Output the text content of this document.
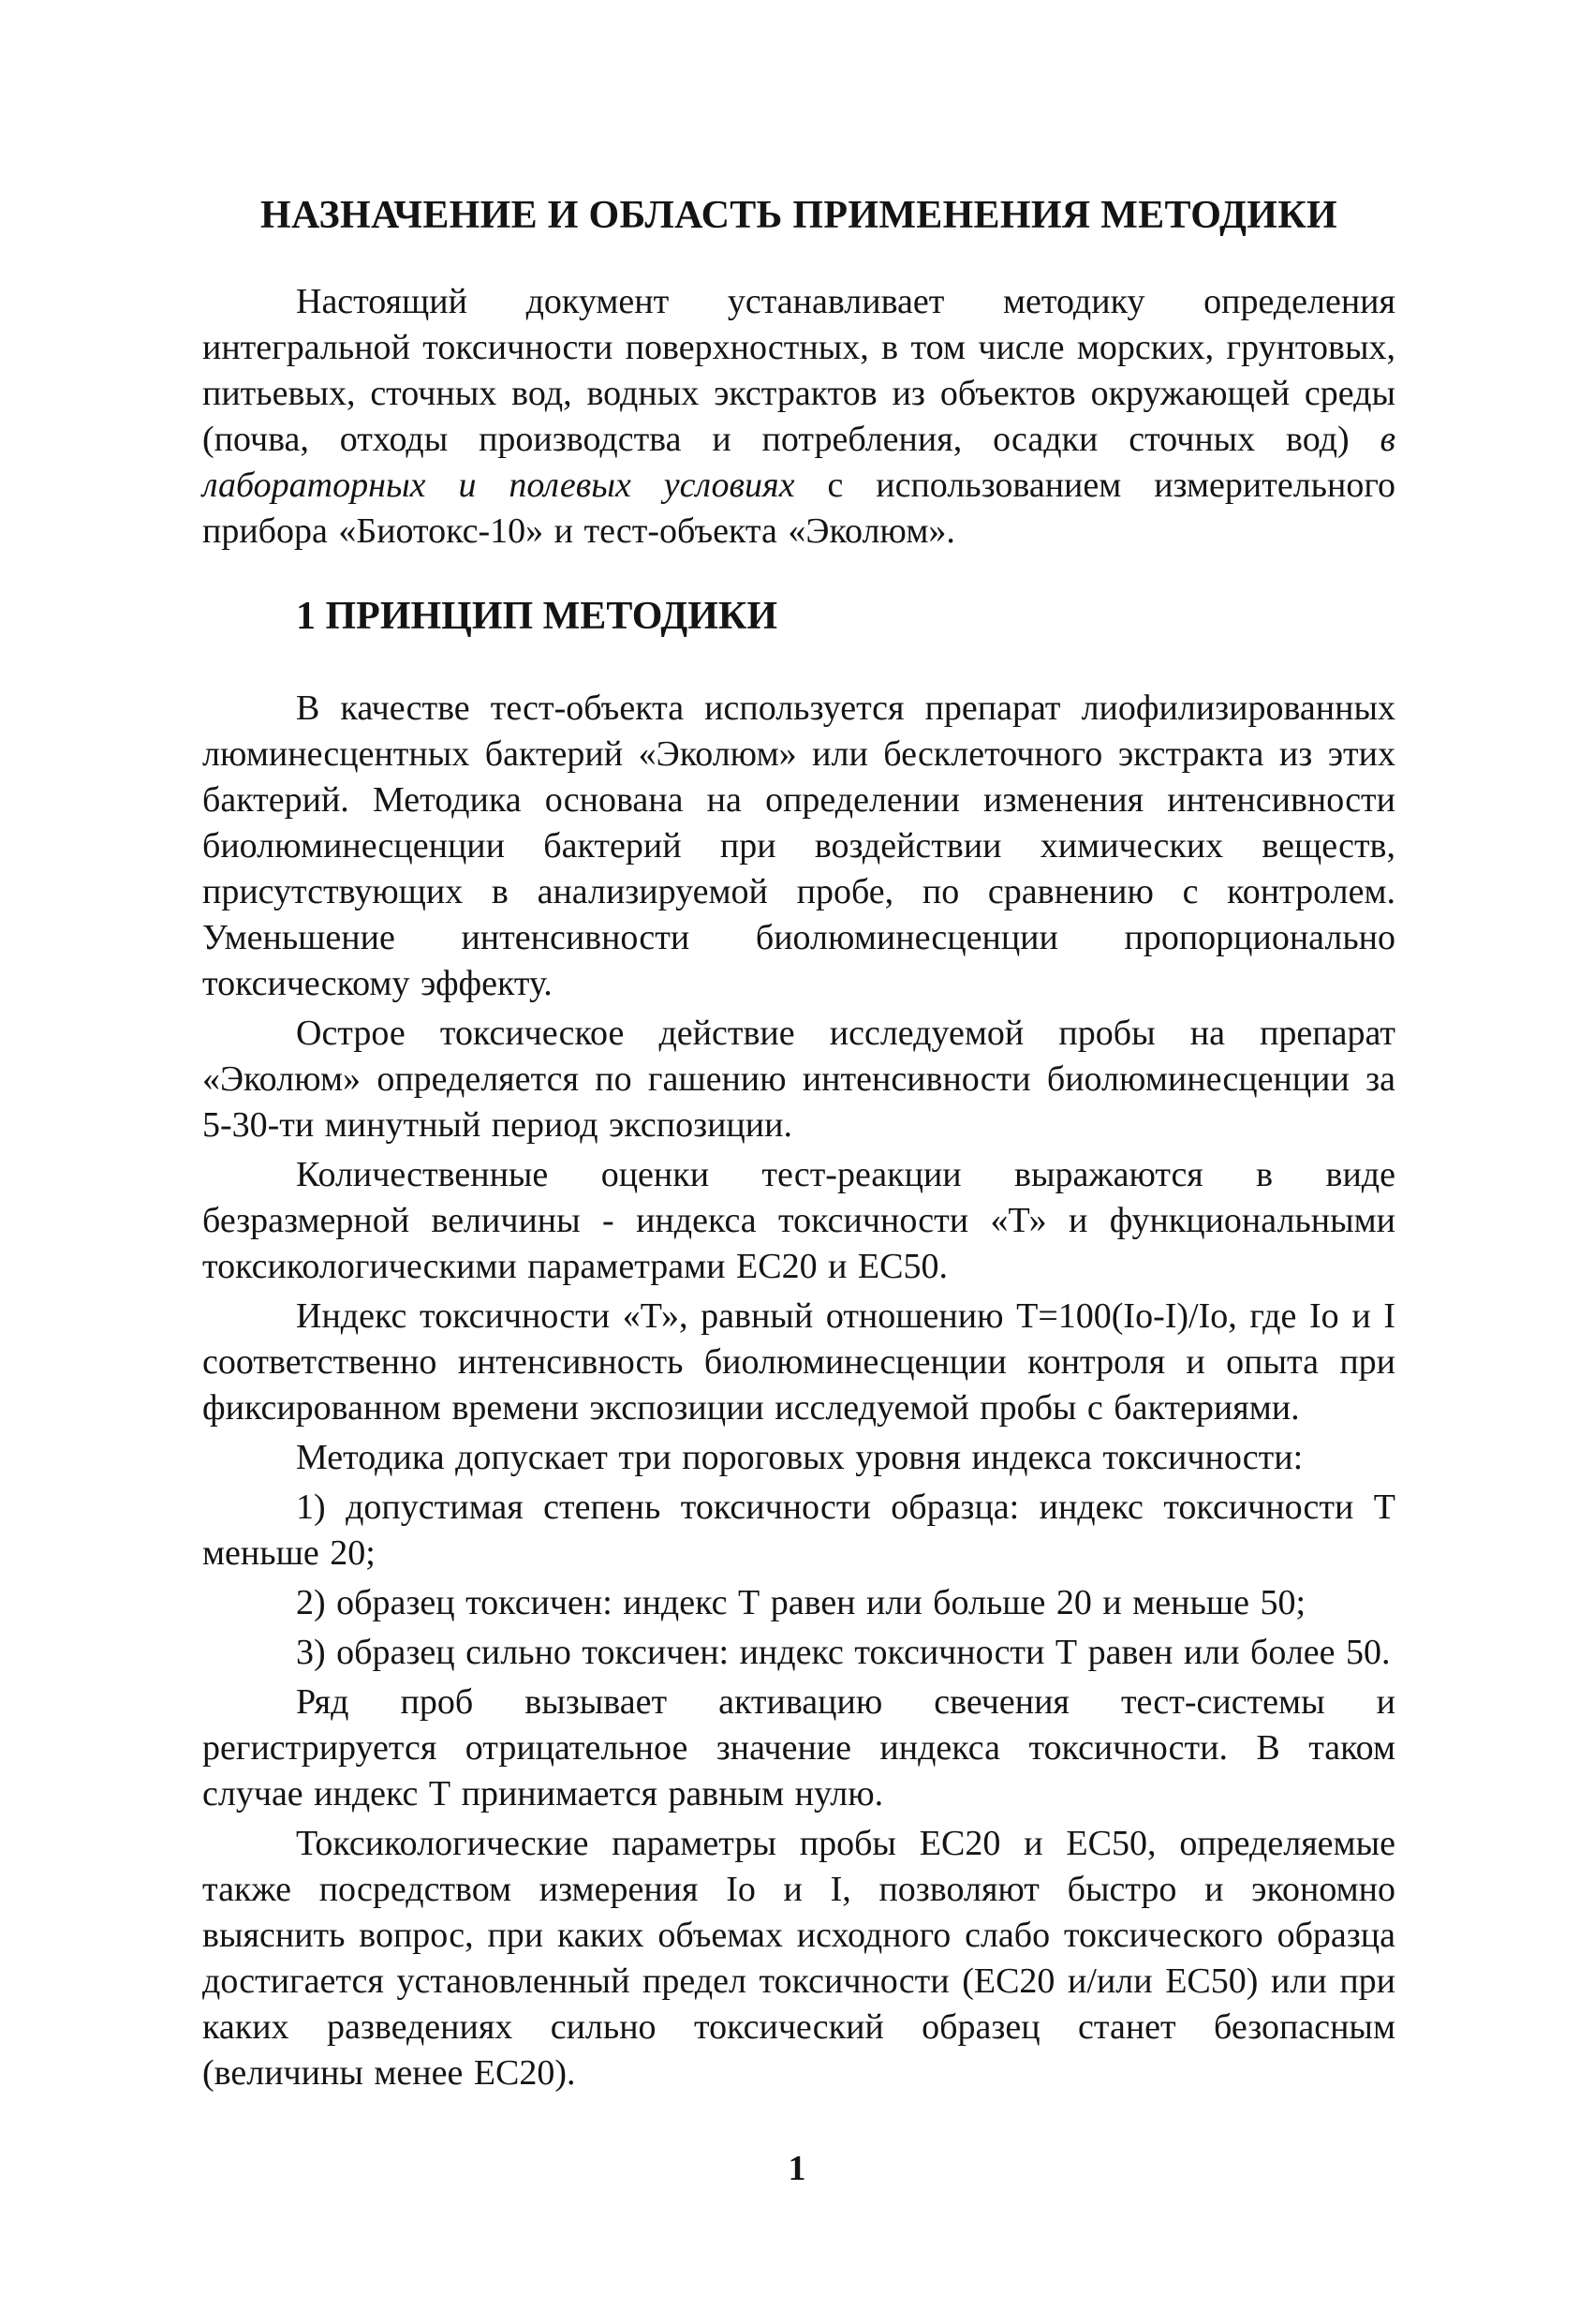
НАЗНАЧЕНИЕ И ОБЛАСТЬ ПРИМЕНЕНИЯ МЕТОДИКИ

Настоящий документ устанавливает методику определения интегральной токсичности поверхностных, в том числе морских, грунтовых, питьевых, сточных вод, водных экстрактов из объектов окружающей среды (почва, отходы производства и потребления, осадки сточных вод) в лабораторных и полевых условиях с использованием измерительного прибора «Биотокс-10» и тест-объекта «Эколюм».

1 ПРИНЦИП МЕТОДИКИ

В качестве тест-объекта используется препарат лиофилизированных люминесцентных бактерий «Эколюм» или бесклеточного экстракта из этих бактерий. Методика основана на определении изменения интенсивности биолюминесценции бактерий при воздействии химических веществ, присутствующих в анализируемой пробе, по сравнению с контролем. Уменьшение интенсивности биолюминесценции пропорционально токсическому эффекту.

Острое токсическое действие исследуемой пробы на препарат «Эколюм» определяется по гашению интенсивности биолюминесценции за 5-30-ти минутный период экспозиции.

Количественные оценки тест-реакции выражаются в виде безразмерной величины - индекса токсичности «Т» и функциональными токсикологическими параметрами ЕС20 и ЕС50.

Индекс токсичности «Т», равный отношению Т=100(Io-I)/Io, где Io и I соответственно интенсивность биолюминесценции контроля и опыта при фиксированном времени экспозиции исследуемой пробы с бактериями.

Методика допускает три пороговых уровня индекса токсичности:

1) допустимая степень токсичности образца: индекс токсичности Т меньше 20;

2) образец токсичен: индекс Т равен или больше 20 и меньше 50;

3) образец сильно токсичен: индекс токсичности Т равен или более 50.

Ряд проб вызывает активацию свечения тест-системы и регистрируется отрицательное значение индекса токсичности. В таком случае индекс Т принимается равным нулю.

Токсикологические параметры пробы ЕС20 и ЕС50, определяемые также посредством измерения Io и I, позволяют быстро и экономно выяснить вопрос, при каких объемах исходного слабо токсического образца достигается установленный предел токсичности (ЕС20 и/или ЕС50) или при каких разведениях сильно токсический образец станет безопасным (величины менее ЕС20).

1
